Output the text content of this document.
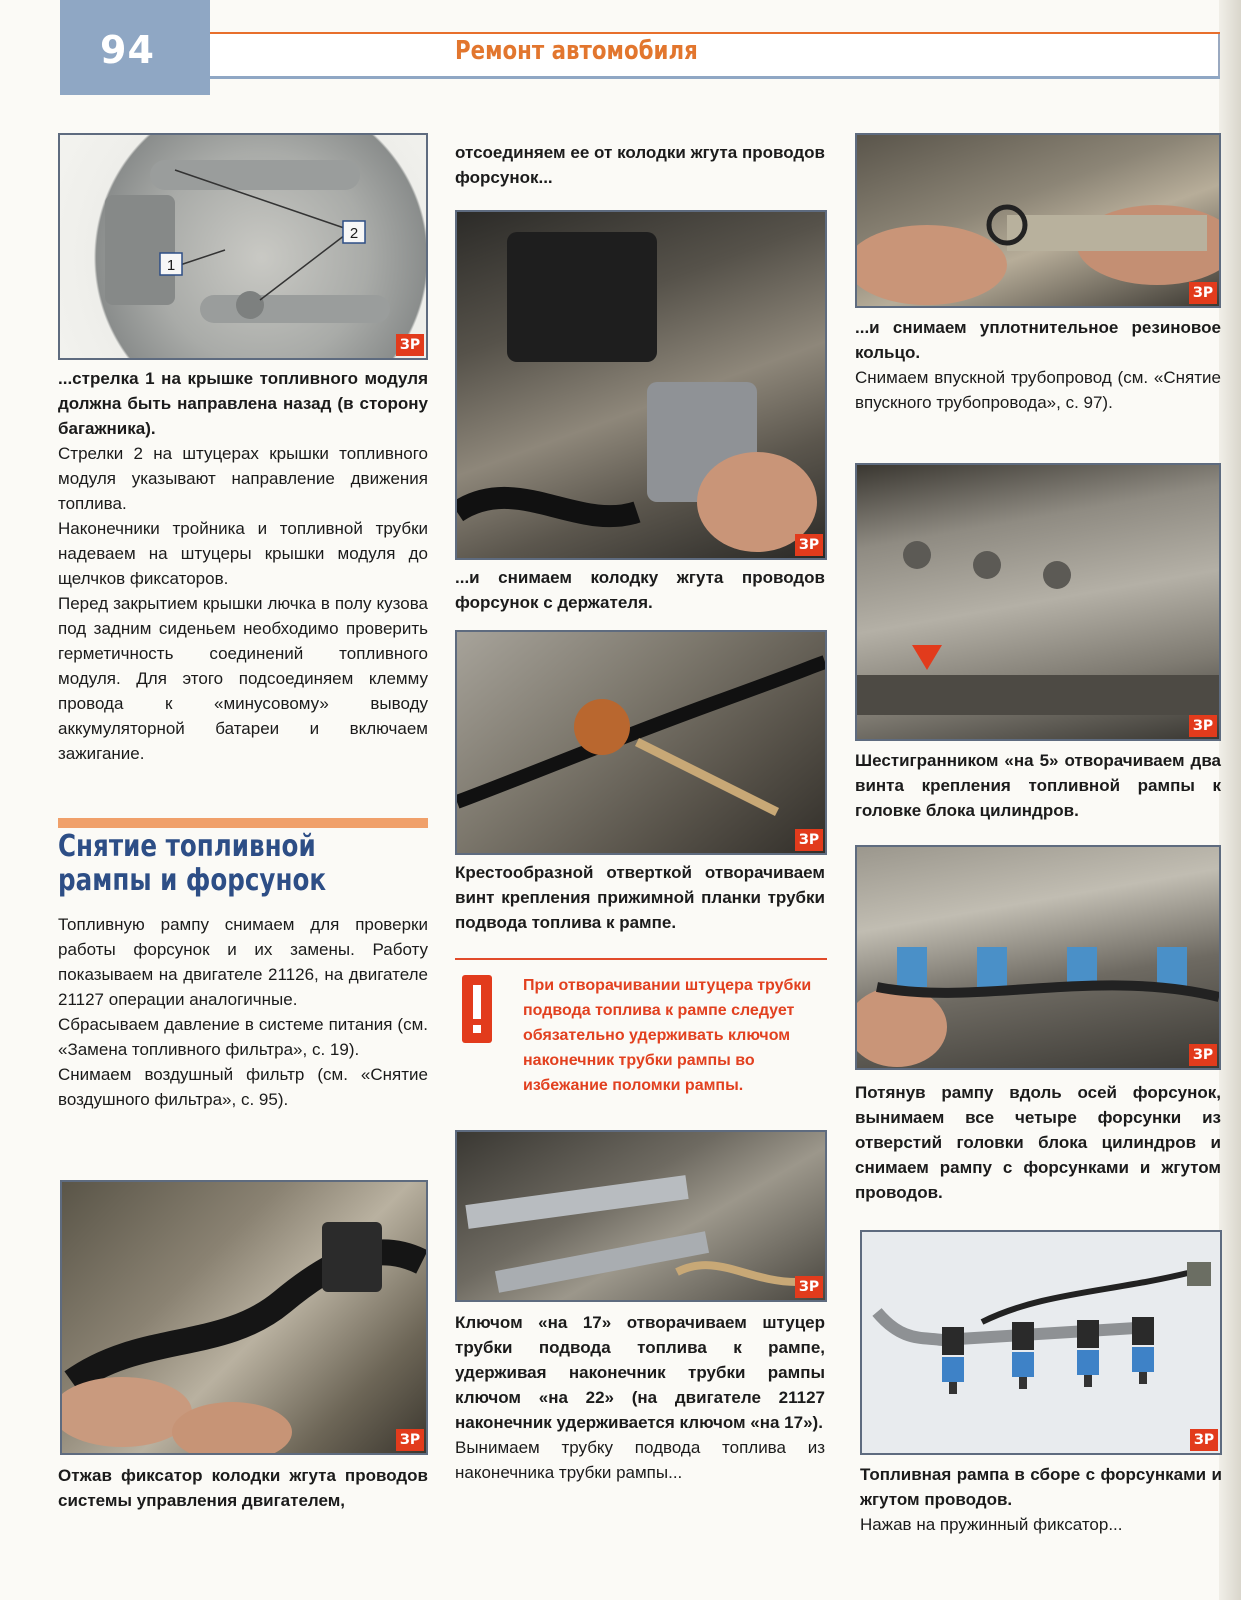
94	Ремонт автомобиля
1
2
ЗР

...стрелка 1 на крышке топливного модуля должна быть направлена назад (в сторону багажника).

Стрелки 2 на штуцерах крышки топливного модуля указывают направление движения топлива.

Наконечники тройника и топливной трубки надеваем на штуцеры крышки модуля до щелчков фиксаторов.

Перед закрытием крышки лючка в полу кузова под задним сиденьем необходимо проверить герметичность соединений топливного модуля. Для этого подсоединяем клемму провода к «минусовому» выводу аккумуляторной батареи и включаем зажигание.

Снятие топливной
рампы и форсунок

Топливную рампу снимаем для проверки работы форсунок и их замены. Работу показываем на двигателе 21126, на двигателе 21127 операции аналогичные.

Сбрасываем давление в системе питания (см. «Замена топливного фильтра», с. 19).

Снимаем воздушный фильтр (см. «Снятие воздушного фильтра», с. 95).

ЗР

Отжав фиксатор колодки жгута проводов системы управления двигателем,

отсоединяем ее от колодки жгута проводов форсунок...

ЗР

...и снимаем колодку жгута проводов форсунок с держателя.

ЗР

Крестообразной отверткой отворачиваем винт крепления прижимной планки трубки подвода топлива к рампе.

При отворачивании штуцера трубки подвода топлива к рампе следует обязательно удерживать ключом наконечник трубки рампы во избежание поломки рампы.
ЗР

Ключом «на 17» отворачиваем штуцер трубки подвода топлива к рампе, удерживая наконечник трубки рампы ключом «на 22» (на двигателе 21127 наконечник удерживается ключом «на 17»).

Вынимаем трубку подвода топлива из наконечника трубки рампы...

ЗР

...и снимаем уплотнительное резиновое кольцо.

Снимаем впускной трубопровод (см. «Снятие впускного трубопровода», с. 97).

ЗР

Шестигранником «на 5» отворачиваем два винта крепления топливной рампы к головке блока цилиндров.

ЗР

Потянув рампу вдоль осей форсунок, вынимаем все четыре форсунки из отверстий головки блока цилиндров и снимаем рампу с форсунками и жгутом проводов.

ЗР

Топливная рампа в сборе с форсунками и жгутом проводов.

Нажав на пружинный фиксатор...
